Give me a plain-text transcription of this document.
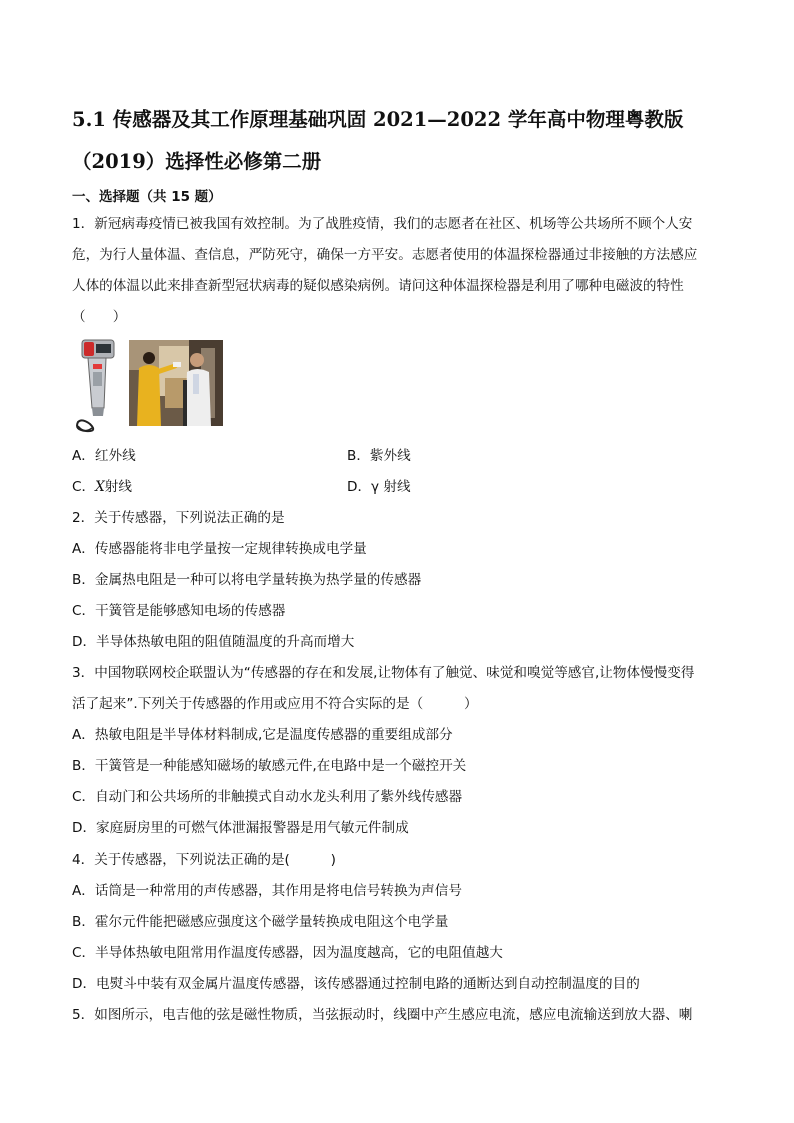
5.1 传感器及其工作原理基础巩固 2021—2022 学年高中物理粤教版
（2019）选择性必修第二册
一、选择题（共 15 题）
1．新冠病毒疫情已被我国有效控制。为了战胜疫情，我们的志愿者在社区、机场等公共场所不顾个人安
危，为行人量体温、查信息，严防死守，确保一方平安。志愿者使用的体温探检器通过非接触的方法感应
人体的体温以此来排查新型冠状病毒的疑似感染病例。请问这种体温探检器是利用了哪种电磁波的特性
（　　）
A．红外线	B．紫外线
C．X射线	D．γ 射线
2．关于传感器，下列说法正确的是
A．传感器能将非电学量按一定规律转换成电学量
B．金属热电阻是一种可以将电学量转换为热学量的传感器
C．干簧管是能够感知电场的传感器
D．半导体热敏电阻的阻值随温度的升高而增大
3．中国物联网校企联盟认为“传感器的存在和发展,让物体有了触觉、味觉和嗅觉等感官,让物体慢慢变得
活了起来”.下列关于传感器的作用或应用不符合实际的是（　　　）
A．热敏电阻是半导体材料制成,它是温度传感器的重要组成部分
B．干簧管是一种能感知磁场的敏感元件,在电路中是一个磁控开关
C．自动门和公共场所的非触摸式自动水龙头利用了紫外线传感器
D．家庭厨房里的可燃气体泄漏报警器是用气敏元件制成
4．关于传感器，下列说法正确的是(　　　)
A．话筒是一种常用的声传感器，其作用是将电信号转换为声信号
B．霍尔元件能把磁感应强度这个磁学量转换成电阻这个电学量
C．半导体热敏电阻常用作温度传感器，因为温度越高，它的电阻值越大
D．电熨斗中装有双金属片温度传感器，该传感器通过控制电路的通断达到自动控制温度的目的
5．如图所示，电吉他的弦是磁性物质，当弦振动时，线圈中产生感应电流，感应电流输送到放大器、喇
